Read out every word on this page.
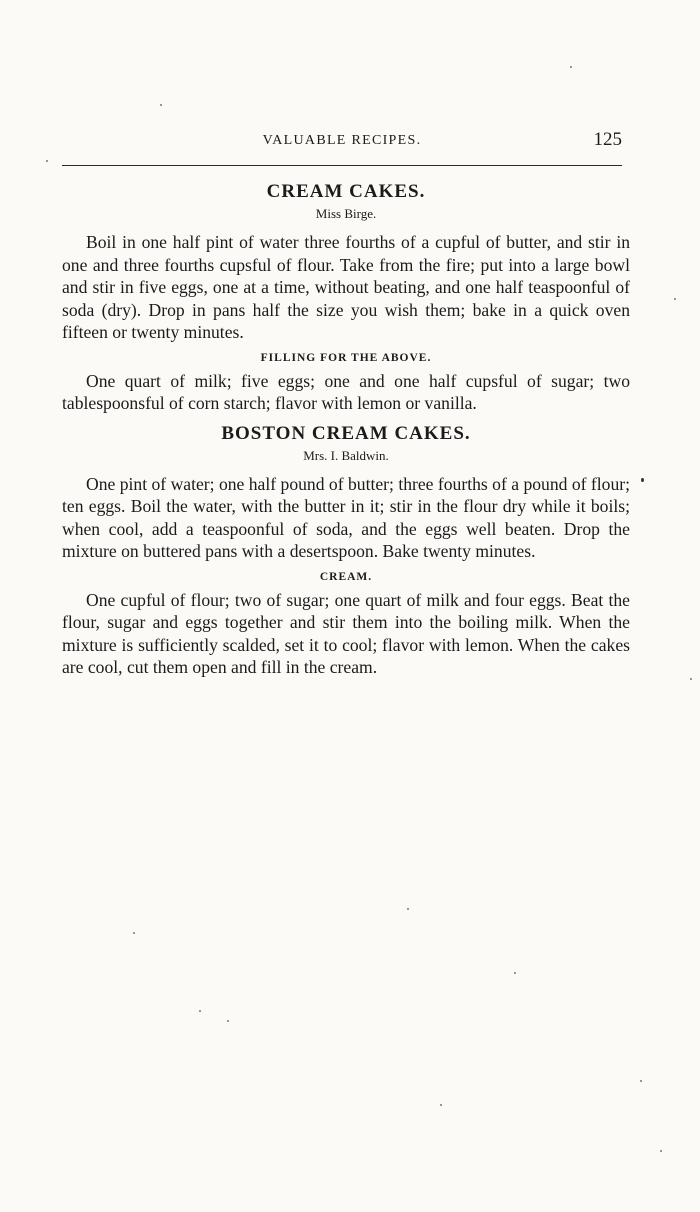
VALUABLE RECIPES.	125
CREAM CAKES.

Miss Birge.

Boil in one half pint of water three fourths of a cupful of butter, and stir in one and three fourths cupsful of flour. Take from the fire; put into a large bowl and stir in five eggs, one at a time, without beating, and one half teaspoonful of soda (dry). Drop in pans half the size you wish them; bake in a quick oven fifteen or twenty minutes.

FILLING FOR THE ABOVE.

One quart of milk; five eggs; one and one half cupsful of sugar; two tablespoonsful of corn starch; flavor with lemon or vanilla.

BOSTON CREAM CAKES.

Mrs. I. Baldwin.

One pint of water; one half pound of butter; three fourths of a pound of flour; ten eggs. Boil the water, with the butter in it; stir in the flour dry while it boils; when cool, add a teaspoonful of soda, and the eggs well beaten. Drop the mixture on buttered pans with a desertspoon. Bake twenty minutes.

CREAM.

One cupful of flour; two of sugar; one quart of milk and four eggs. Beat the flour, sugar and eggs together and stir them into the boiling milk. When the mixture is sufficiently scalded, set it to cool; flavor with lemon. When the cakes are cool, cut them open and fill in the cream.
